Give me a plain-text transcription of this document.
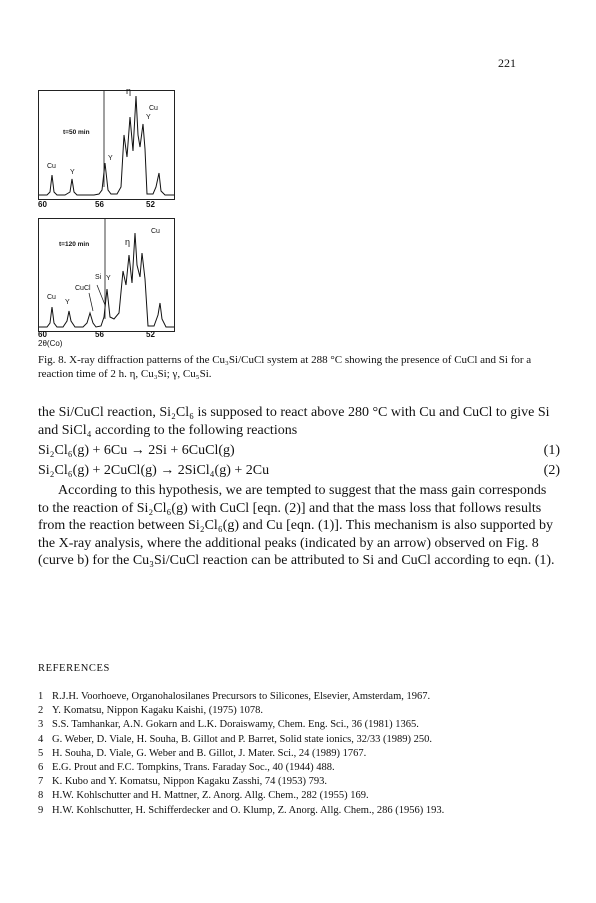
221
η
Cu
Y
t=50 min
Y
Cu
Y
60	56	52
η
Cu
t=120 min
Si Y
CuCl
Cu
Y
60	56	52
2θ(Co)
Fig. 8. X-ray diffraction patterns of the Cu₃Si/CuCl system at 288 °C showing the presence of CuCl and Si for a reaction time of 2 h. η, Cu₃Si; γ, Cu₅Si.
the Si/CuCl reaction, Si₂Cl₆ is supposed to react above 280 °C with Cu and CuCl to give Si and SiCl₄ according to the following reactions
Si₂Cl₆(g) + 6Cu → 2Si + 6CuCl(g)	(1)
Si₂Cl₆(g) + 2CuCl(g) → 2SiCl₄(g) + 2Cu	(2)
According to this hypothesis, we are tempted to suggest that the mass gain corresponds to the reaction of Si₂Cl₆(g) with CuCl [eqn. (2)] and that the mass loss that follows results from the reaction between Si₂Cl₆(g) and Cu [eqn. (1)]. This mechanism is also supported by the X-ray analysis, where the additional peaks (indicated by an arrow) observed on Fig. 8 (curve b) for the Cu₃Si/CuCl reaction can be attributed to Si and CuCl according to eqn. (1).
REFERENCES
1 R.J.H. Voorhoeve, Organohalosilanes Precursors to Silicones, Elsevier, Amsterdam, 1967.
2 Y. Komatsu, Nippon Kagaku Kaishi, (1975) 1078.
3 S.S. Tamhankar, A.N. Gokarn and L.K. Doraiswamy, Chem. Eng. Sci., 36 (1981) 1365.
4 G. Weber, D. Viale, H. Souha, B. Gillot and P. Barret, Solid state ionics, 32/33 (1989) 250.
5 H. Souha, D. Viale, G. Weber and B. Gillot, J. Mater. Sci., 24 (1989) 1767.
6 E.G. Prout and F.C. Tompkins, Trans. Faraday Soc., 40 (1944) 488.
7 K. Kubo and Y. Komatsu, Nippon Kagaku Zasshi, 74 (1953) 793.
8 H.W. Kohlschutter and H. Mattner, Z. Anorg. Allg. Chem., 282 (1955) 169.
9 H.W. Kohlschutter, H. Schifferdecker and O. Klump, Z. Anorg. Allg. Chem., 286 (1956) 193.
